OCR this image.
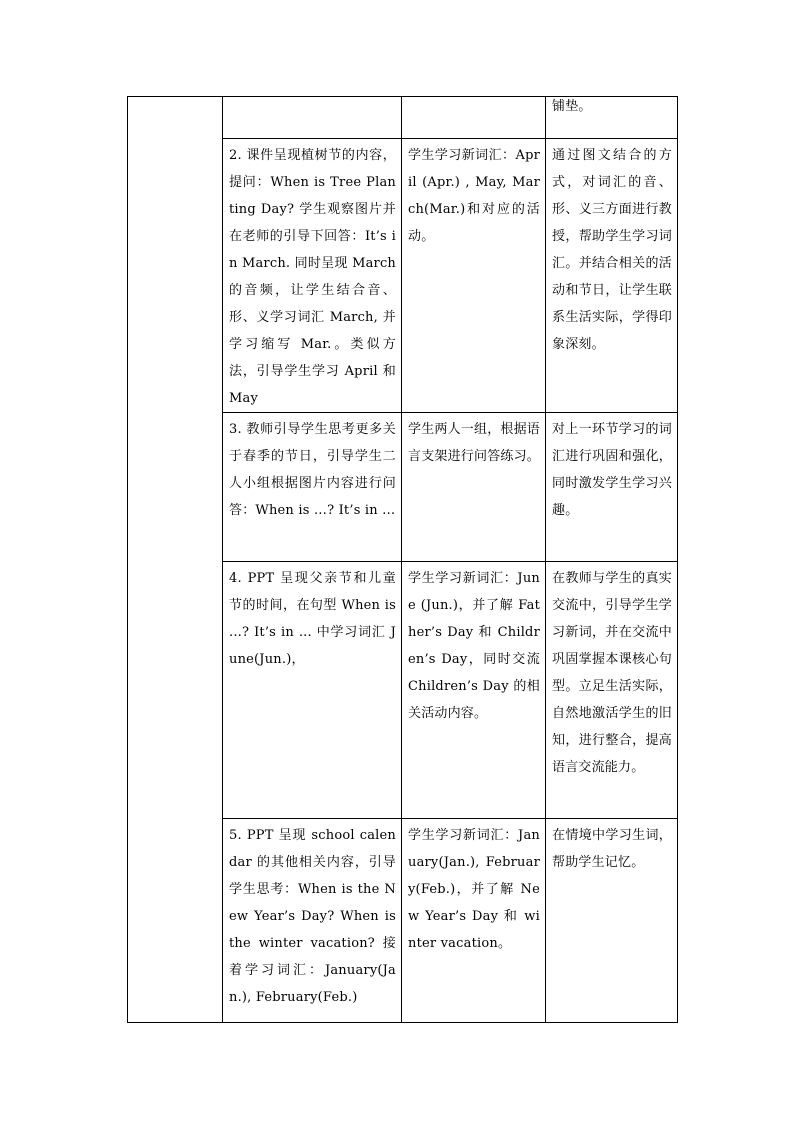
			铺垫。

	2. 课件呈现植树节的内容，提问：When is Tree Planting Day? 学生观察图片并在老师的引导下回答：It’s in March. 同时呈现 March 的音频，让学生结合音、形、义学习词汇 March, 并学习缩写 Mar.。类似方法，引导学生学习 April 和 May	学生学习新词汇：April (Apr.) , May, March(Mar.)和对应的活动。	通过图文结合的方式，对词汇的音、形、义三方面进行教授，帮助学生学习词汇。并结合相关的活动和节日，让学生联系生活实际，学得印象深刻。

	3. 教师引导学生思考更多关于春季的节日，引导学生二人小组根据图片内容进行问答：When is …? It’s in …	学生两人一组，根据语言支架进行问答练习。	对上一环节学习的词汇进行巩固和强化，同时激发学生学习兴趣。

	4. PPT 呈现父亲节和儿童节的时间，在句型 When is ...? It’s in ... 中学习词汇 June(Jun.)，	学生学习新词汇：June (Jun.)，并了解 Father’s Day 和 Children’s Day，同时交流 Children’s Day 的相关活动内容。	在教师与学生的真实交流中，引导学生学习新词，并在交流中巩固掌握本课核心句型。立足生活实际，自然地激活学生的旧知，进行整合，提高语言交流能力。

	5. PPT 呈现 school calendar 的其他相关内容，引导学生思考：When is the New Year’s Day? When is the winter vacation? 接着学习词汇：January(Jan.), February(Feb.)	学生学习新词汇：January(Jan.), February(Feb.)，并了解 New Year’s Day 和 winter vacation。	在情境中学习生词，帮助学生记忆。
